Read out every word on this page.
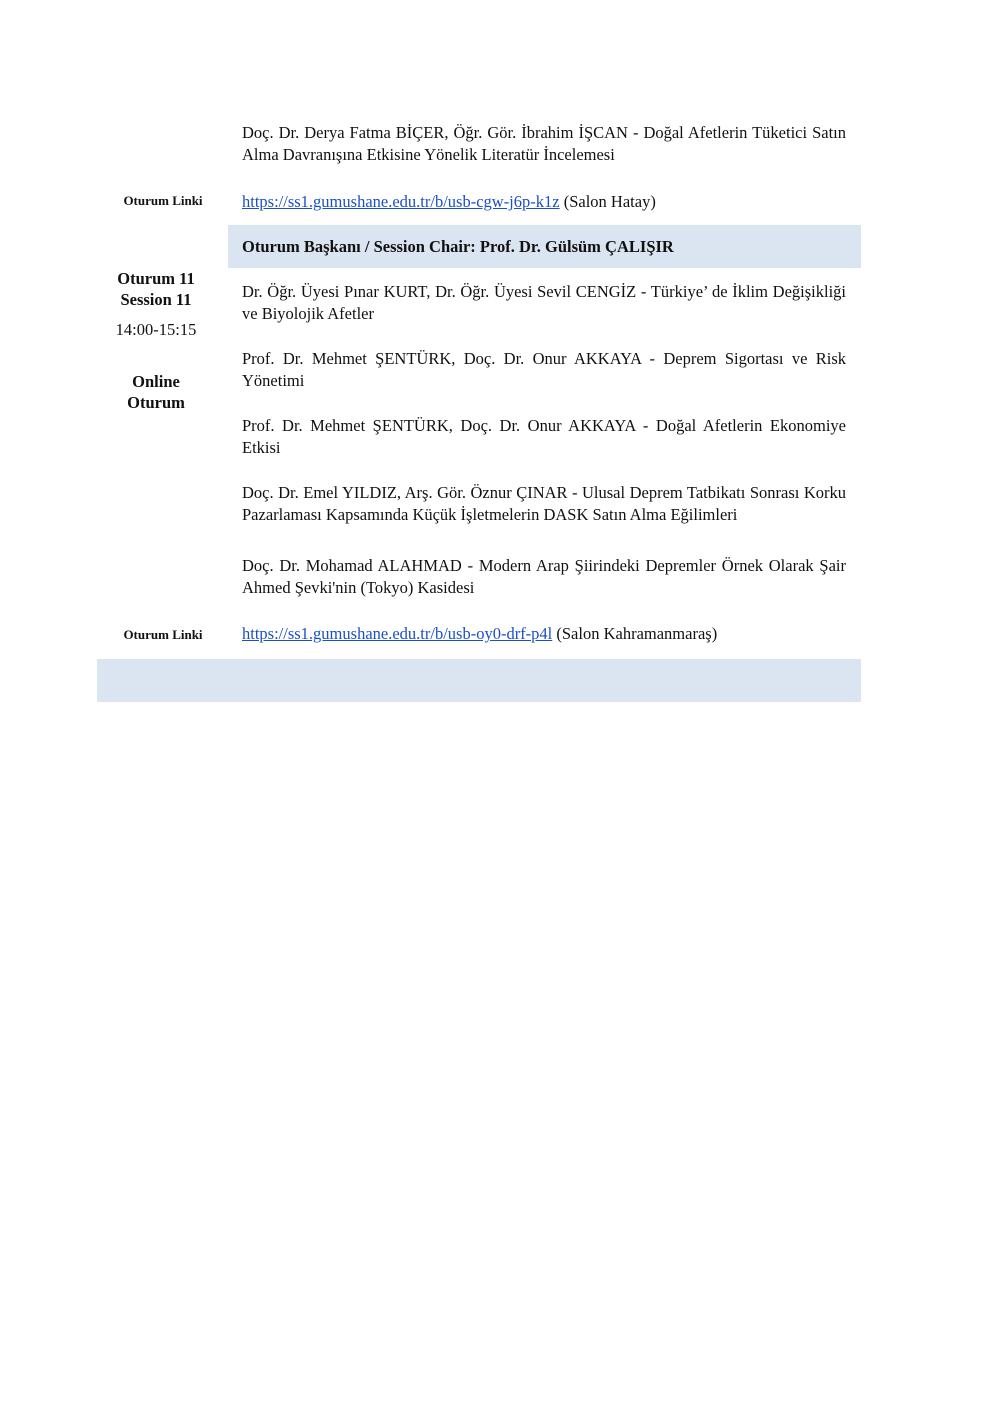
Doç. Dr. Derya Fatma BİÇER, Öğr. Gör. İbrahim İŞCAN - Doğal Afetlerin Tüketici Satın Alma Davranışına Etkisine Yönelik Literatür İncelemesi

Oturum Linki	https://ss1.gumushane.edu.tr/b/usb-cgw-j6p-k1z (Salon Hatay)

Oturum Başkanı / Session Chair: Prof. Dr. Gülsüm ÇALIŞIR
Oturum 11
Session 11
14:00-15:15
Online
Oturum

Dr. Öğr. Üyesi Pınar KURT, Dr. Öğr. Üyesi Sevil CENGİZ - Türkiye’ de İklim Değişikliği ve Biyolojik Afetler

Prof. Dr. Mehmet ŞENTÜRK, Doç. Dr. Onur AKKAYA - Deprem Sigortası ve Risk Yönetimi

Prof. Dr. Mehmet ŞENTÜRK, Doç. Dr. Onur AKKAYA - Doğal Afetlerin Ekonomiye Etkisi

Doç. Dr. Emel YILDIZ, Arş. Gör. Öznur ÇINAR - Ulusal Deprem Tatbikatı Sonrası Korku Pazarlaması Kapsamında Küçük İşletmelerin DASK Satın Alma Eğilimleri

Doç. Dr. Mohamad ALAHMAD - Modern Arap Şiirindeki Depremler Örnek Olarak Şair Ahmed Şevki'nin (Tokyo) Kasidesi

Oturum Linki	https://ss1.gumushane.edu.tr/b/usb-oy0-drf-p4l (Salon Kahramanmaraş)
